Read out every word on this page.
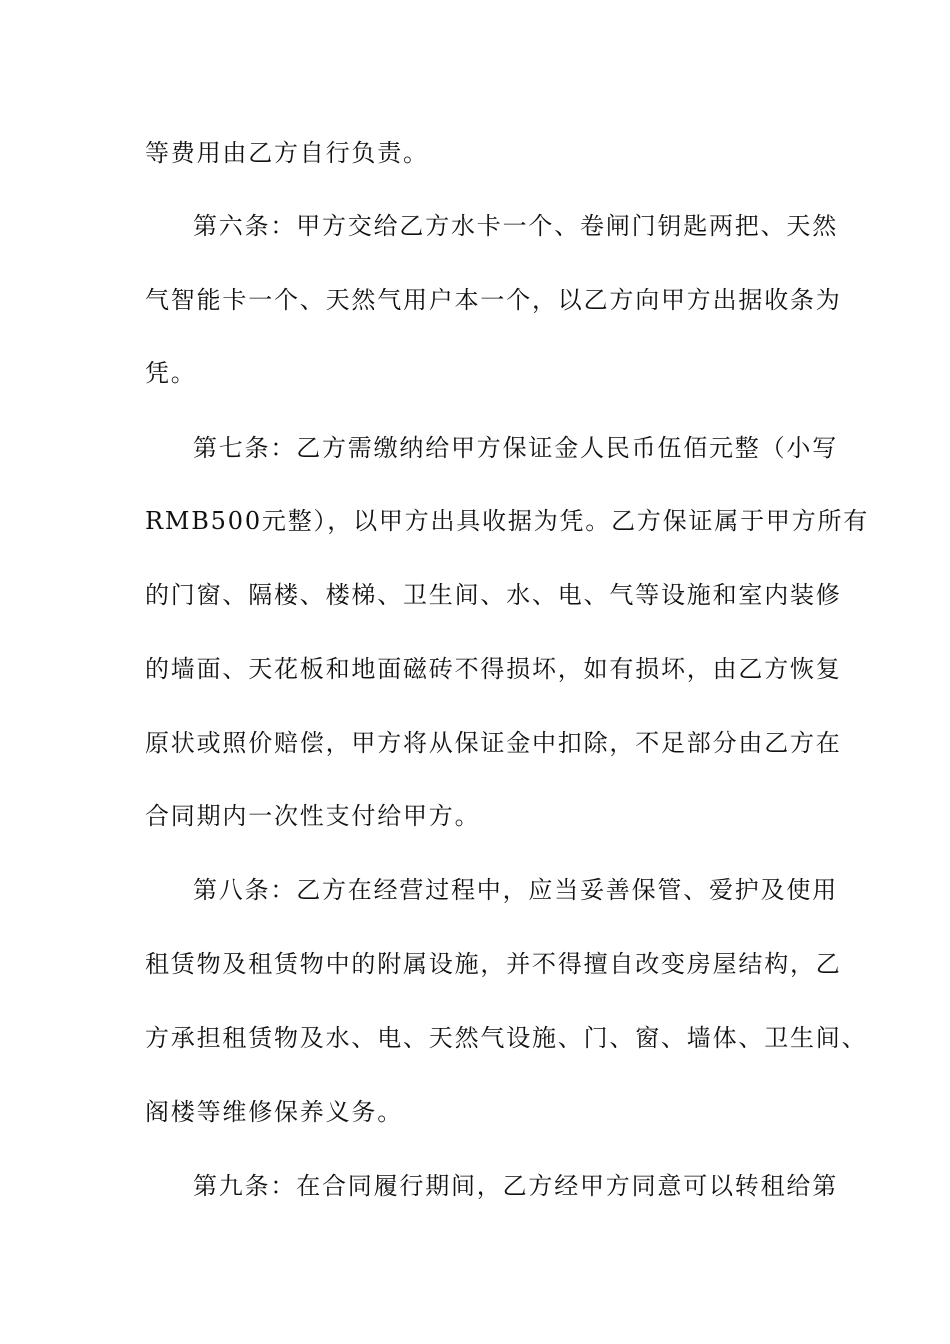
等费用由乙方自行负责。
第六条：甲方交给乙方水卡一个、卷闸门钥匙两把、天然
气智能卡一个、天然气用户本一个，以乙方向甲方出据收条为
凭。
第七条：乙方需缴纳给甲方保证金人民币伍佰元整（小写
RMB500元整），以甲方出具收据为凭。乙方保证属于甲方所有
的门窗、隔楼、楼梯、卫生间、水、电、气等设施和室内装修
的墙面、天花板和地面磁砖不得损坏，如有损坏，由乙方恢复
原状或照价赔偿，甲方将从保证金中扣除，不足部分由乙方在
合同期内一次性支付给甲方。
第八条：乙方在经营过程中，应当妥善保管、爱护及使用
租赁物及租赁物中的附属设施，并不得擅自改变房屋结构，乙
方承担租赁物及水、电、天然气设施、门、窗、墙体、卫生间、
阁楼等维修保养义务。
第九条：在合同履行期间，乙方经甲方同意可以转租给第
